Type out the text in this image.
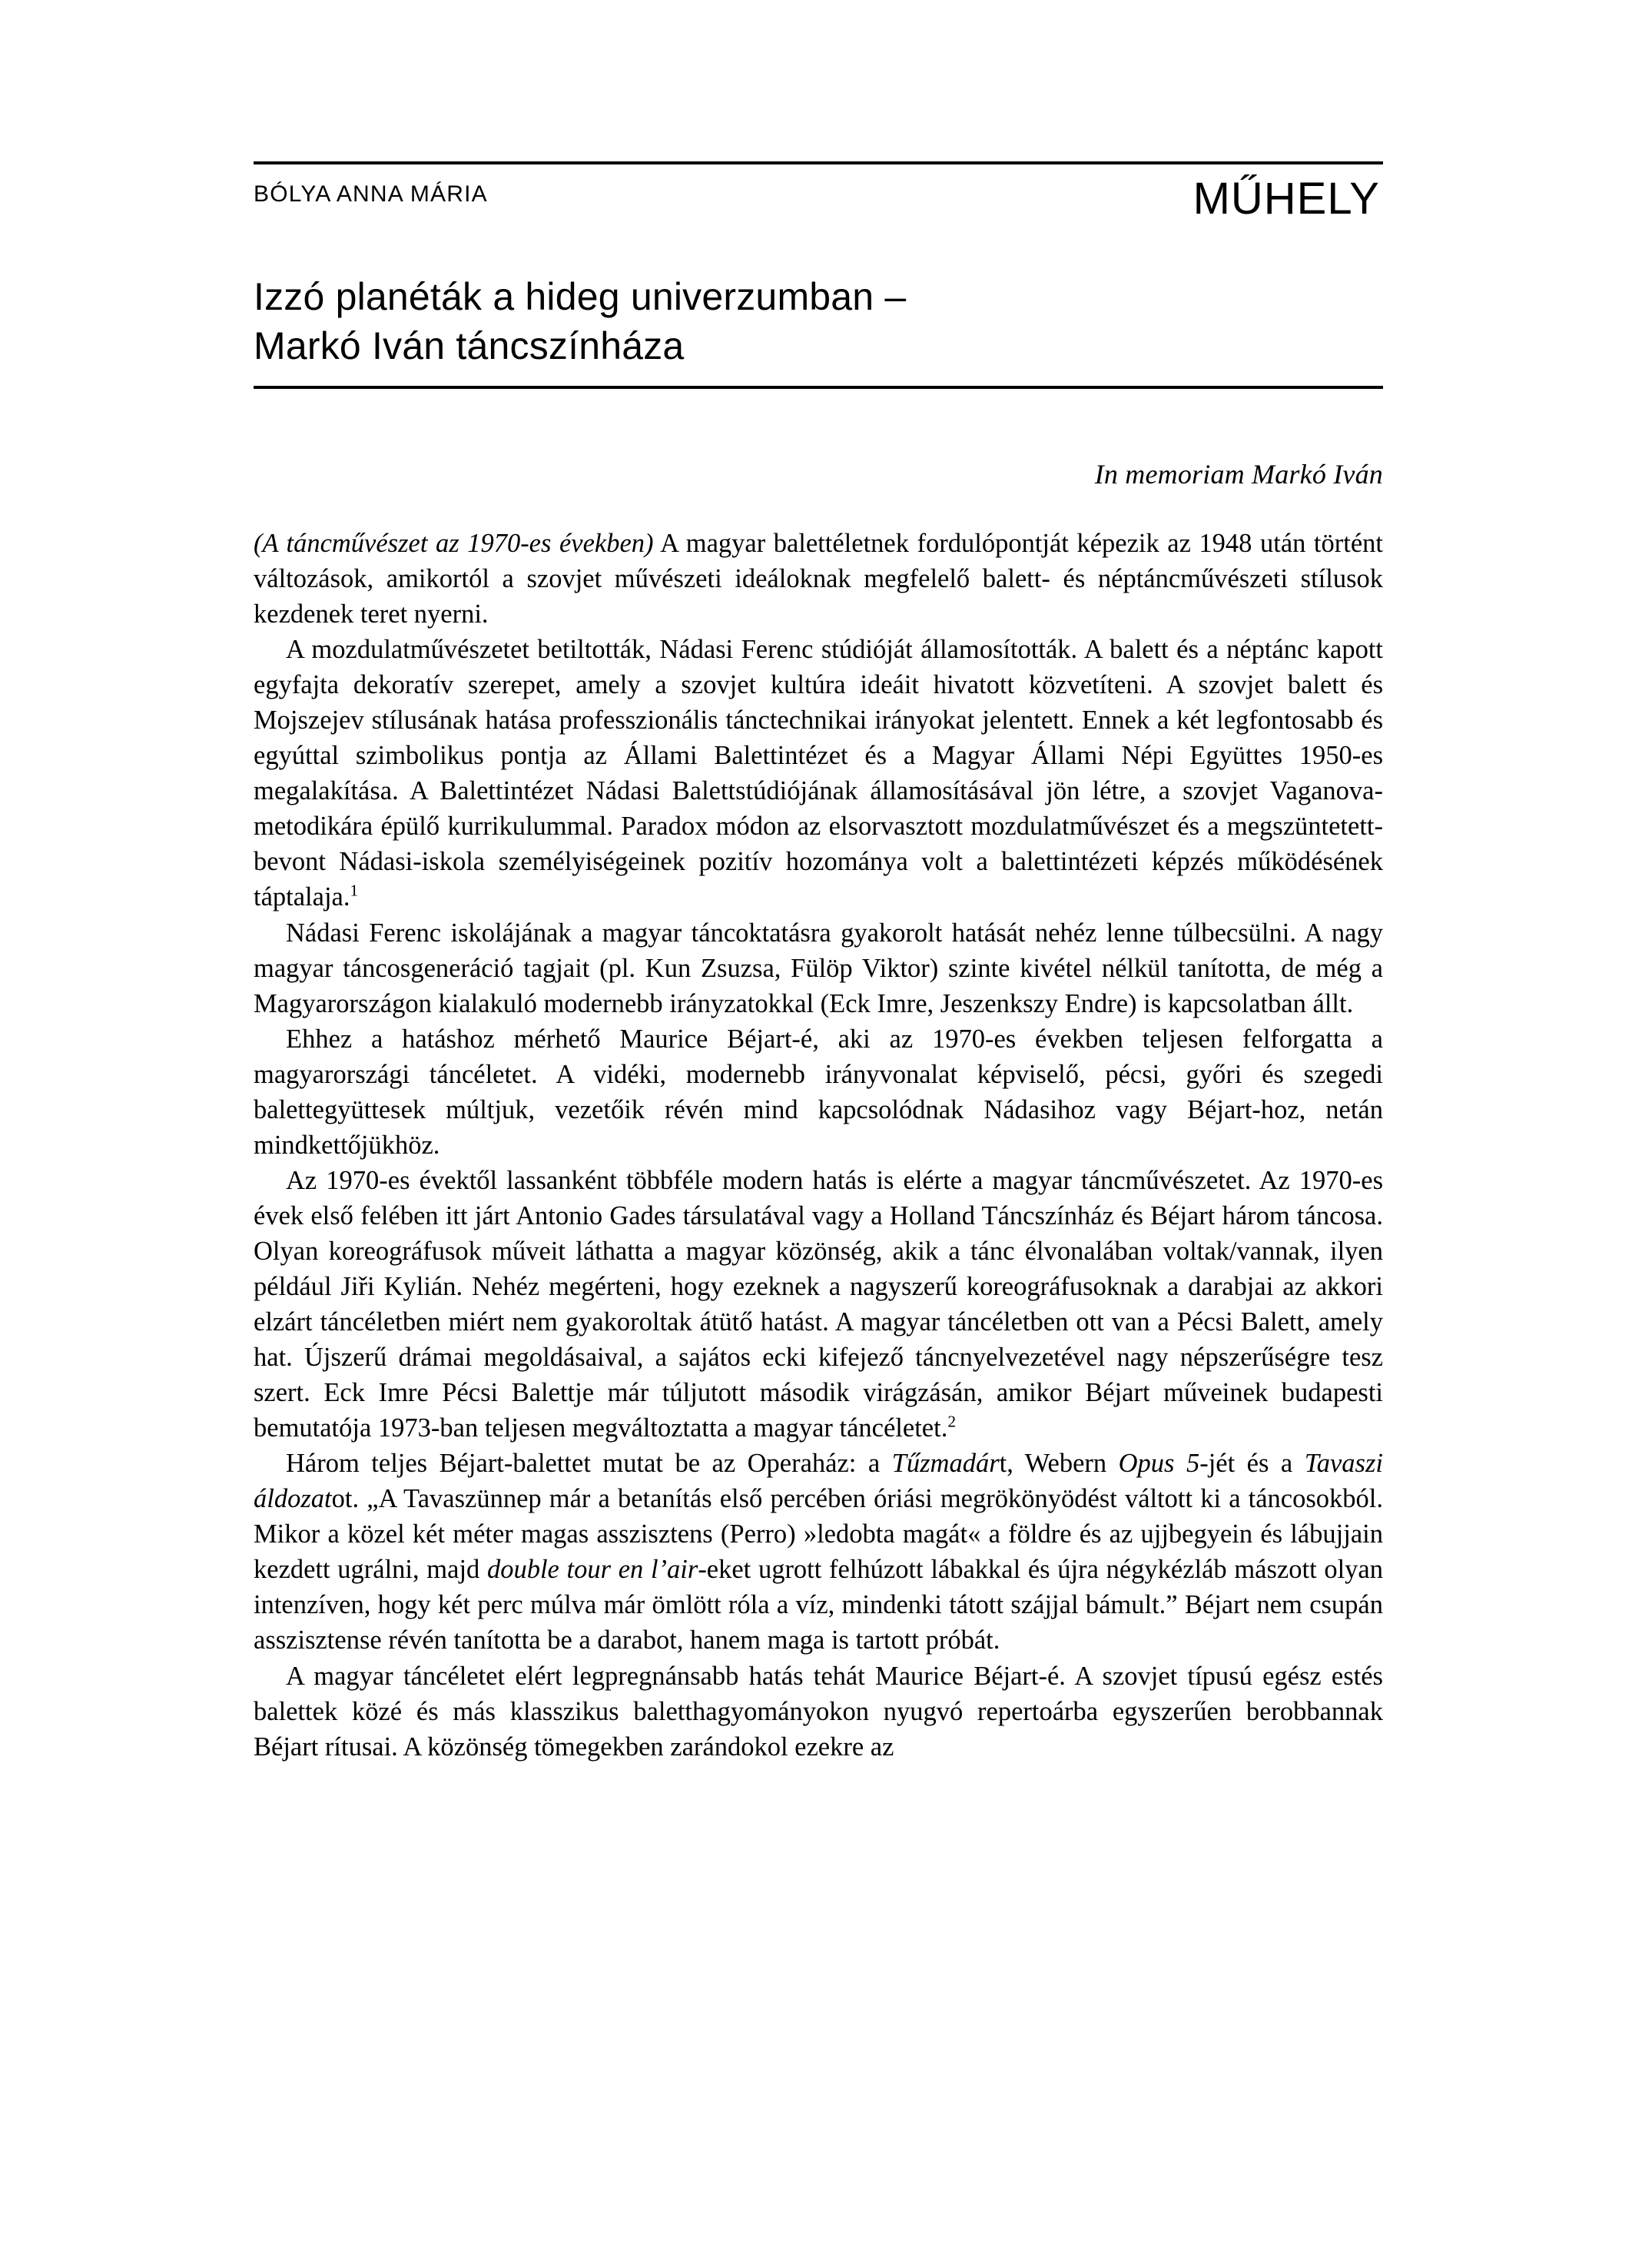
BÓLYA ANNA MÁRIA	MŰHELY
Izzó planéták a hideg univerzumban –
Markó Iván táncszínháza
In memoriam Markó Iván

(A táncművészet az 1970-es években) A magyar balettéletnek fordulópontját képezik az 1948 után történt változások, amikortól a szovjet művészeti ideáloknak megfelelő balett- és néptáncművészeti stílusok kezdenek teret nyerni.

A mozdulatművészetet betiltották, Nádasi Ferenc stúdióját államosították. A balett és a néptánc kapott egyfajta dekoratív szerepet, amely a szovjet kultúra ideáit hivatott közvetíteni. A szovjet balett és Mojszejev stílusának hatása professzionális tánctechnikai irányokat jelentett. Ennek a két legfontosabb és egyúttal szimbolikus pontja az Állami Balettintézet és a Magyar Állami Népi Együttes 1950-es megalakítása. A Balettintézet Nádasi Balettstúdiójának államosításával jön létre, a szovjet Vaganova-metodikára épülő kurrikulummal. Paradox módon az elsorvasztott mozdulatművészet és a megszüntetett-bevont Nádasi-iskola személyiségeinek pozitív hozománya volt a balettintézeti képzés működésének táptalaja.$^1$

Nádasi Ferenc iskolájának a magyar táncoktatásra gyakorolt hatását nehéz lenne túlbecsülni. A nagy magyar táncosgeneráció tagjait (pl. Kun Zsuzsa, Fülöp Viktor) szinte kivétel nélkül tanította, de még a Magyarországon kialakuló modernebb irányzatokkal (Eck Imre, Jeszenkszy Endre) is kapcsolatban állt.

Ehhez a hatáshoz mérhető Maurice Béjart-é, aki az 1970-es években teljesen felforgatta a magyarországi táncéletet. A vidéki, modernebb irányvonalat képviselő, pécsi, győri és szegedi balettegyüttesek múltjuk, vezetőik révén mind kapcsolódnak Nádasihoz vagy Béjart-hoz, netán mindkettőjükhöz.

Az 1970-es évektől lassanként többféle modern hatás is elérte a magyar táncművészetet. Az 1970-es évek első felében itt járt Antonio Gades társulatával vagy a Holland Táncszínház és Béjart három táncosa. Olyan koreográfusok műveit láthatta a magyar közönség, akik a tánc élvonalában voltak/vannak, ilyen például Jiři Kylián. Nehéz megérteni, hogy ezeknek a nagyszerű koreográfusoknak a darabjai az akkori elzárt táncéletben miért nem gyakoroltak átütő hatást. A magyar táncéletben ott van a Pécsi Balett, amely hat. Újszerű drámai megoldásaival, a sajátos ecki kifejező táncnyelvezetével nagy népszerűségre tesz szert. Eck Imre Pécsi Balettje már túljutott második virágzásán, amikor Béjart műveinek budapesti bemutatója 1973-ban teljesen megváltoztatta a magyar táncéletet.$^2$

Három teljes Béjart-balettet mutat be az Operaház: a Tűzmadárt, Webern Opus 5-jét és a Tavaszi áldozatot. „A Tavaszünnep már a betanítás első percében óriási megrökönyödést váltott ki a táncosokból. Mikor a közel két méter magas asszisztens (Perro) »ledobta magát« a földre és az ujjbegyein és lábujjain kezdett ugrálni, majd double tour en l’air-eket ugrott felhúzott lábakkal és újra négykézláb mászott olyan intenzíven, hogy két perc múlva már ömlött róla a víz, mindenki tátott szájjal bámult.” Béjart nem csupán asszisztense révén tanította be a darabot, hanem maga is tartott próbát.

A magyar táncéletet elért legpregnánsabb hatás tehát Maurice Béjart-é. A szovjet típusú egész estés balettek közé és más klasszikus baletthagyományokon nyugvó repertoárba egyszerűen berobbannak Béjart rítusai. A közönség tömegekben zarándokol ezekre az
